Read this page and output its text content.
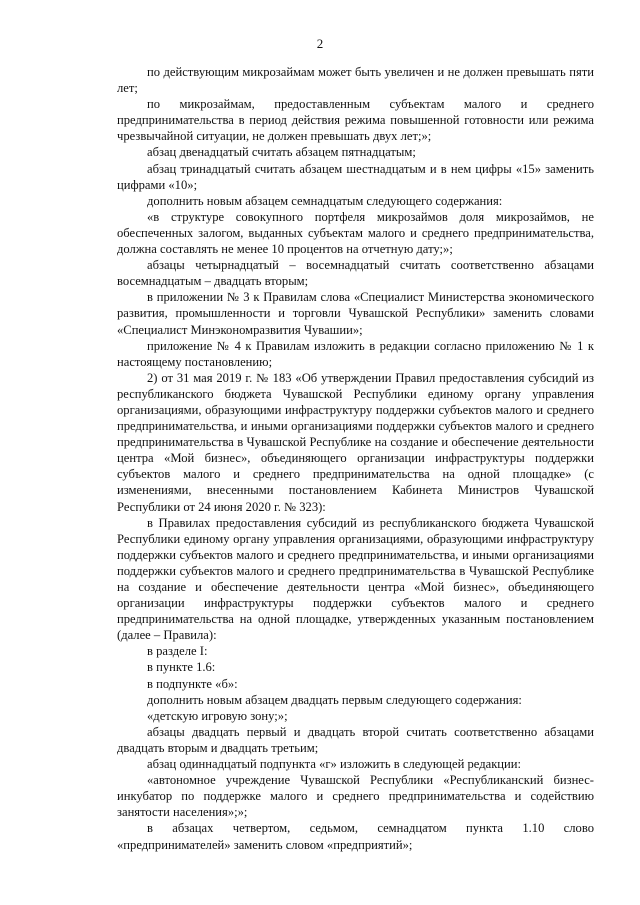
2

по действующим микрозаймам может быть увеличен и не должен превышать пяти лет;

по микрозаймам, предоставленным субъектам малого и среднего предпринимательства в период действия режима повышенной готовности или режима чрезвычайной ситуации, не должен превышать двух лет;»;

абзац двенадцатый считать абзацем пятнадцатым;

абзац тринадцатый считать абзацем шестнадцатым и в нем цифры «15» заменить цифрами «10»;

дополнить новым абзацем семнадцатым следующего содержания:

«в структуре совокупного портфеля микрозаймов доля микрозаймов, не обеспеченных залогом, выданных субъектам малого и среднего предпринимательства, должна составлять не менее 10 процентов на отчетную дату;»;

абзацы четырнадцатый – восемнадцатый считать соответственно абзацами восемнадцатым – двадцать вторым;

в приложении № 3 к Правилам слова «Специалист Министерства экономического развития, промышленности и торговли Чувашской Республики» заменить словами «Специалист Минэкономразвития Чувашии»;

приложение № 4 к Правилам изложить в редакции согласно приложению № 1 к настоящему постановлению;

2) от 31 мая 2019 г. № 183 «Об утверждении Правил предоставления субсидий из республиканского бюджета Чувашской Республики единому органу управления организациями, образующими инфраструктуру поддержки субъектов малого и среднего предпринимательства, и иными организациями поддержки субъектов малого и среднего предпринимательства в Чувашской Республике на создание и обеспечение деятельности центра «Мой бизнес», объединяющего организации инфраструктуры поддержки субъектов малого и среднего предпринимательства на одной площадке» (с изменениями, внесенными постановлением Кабинета Министров Чувашской Республики от 24 июня 2020 г. № 323):

в Правилах предоставления субсидий из республиканского бюджета Чувашской Республики единому органу управления организациями, образующими инфраструктуру поддержки субъектов малого и среднего предпринимательства, и иными организациями поддержки субъектов малого и среднего предпринимательства в Чувашской Республике на создание и обеспечение деятельности центра «Мой бизнес», объединяющего организации инфраструктуры поддержки субъектов малого и среднего предпринимательства на одной площадке, утвержденных указанным постановлением (далее – Правила):

в разделе I:

в пункте 1.6:

в подпункте «б»:

дополнить новым абзацем двадцать первым следующего содержания:

«детскую игровую зону;»;

абзацы двадцать первый и двадцать второй считать соответственно абзацами двадцать вторым и двадцать третьим;

абзац одиннадцатый подпункта «г» изложить в следующей редакции:

«автономное учреждение Чувашской Республики «Республиканский бизнес-инкубатор по поддержке малого и среднего предпринимательства и содействию занятости населения»;»;

в абзацах четвертом, седьмом, семнадцатом пункта 1.10 слово «предпринимателей» заменить словом «предприятий»;
